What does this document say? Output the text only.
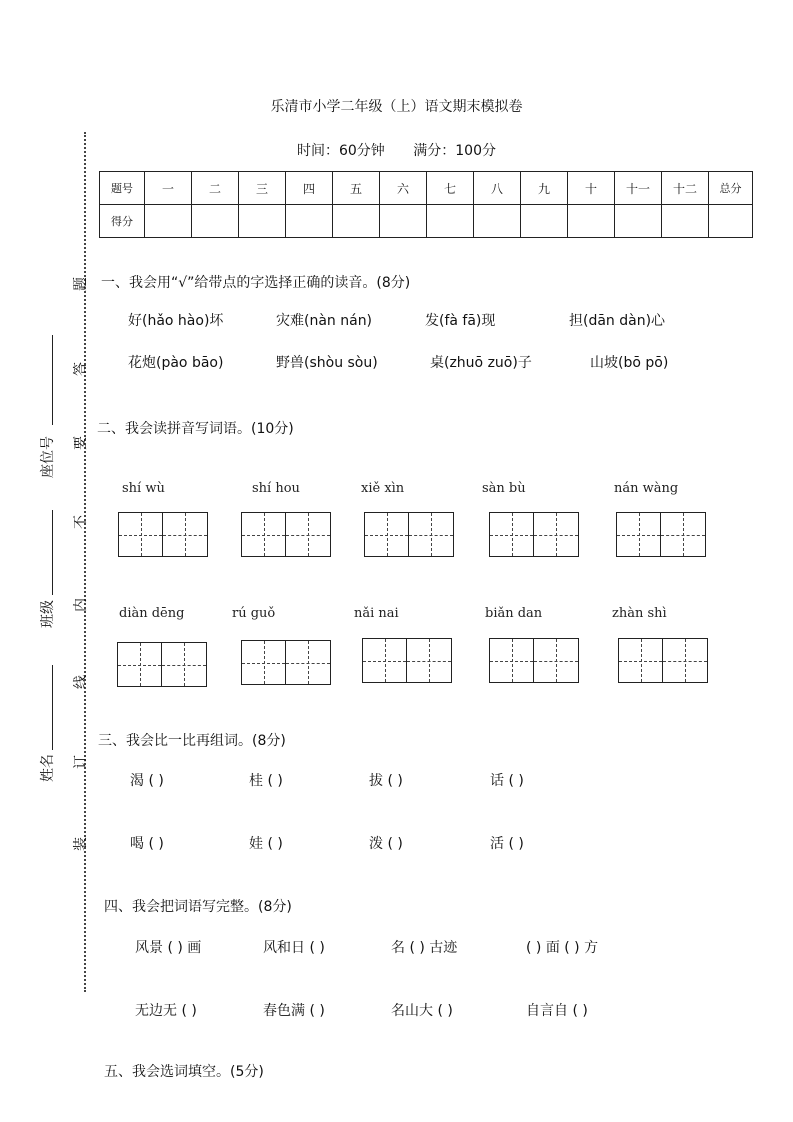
乐清市小学二年级（上）语文期末模拟卷
时间：60分钟 满分：100分
题号	一	二	三	四	五	六	七	八	九	十	十一	十二	总分
得分													
题
答
要
不
内
线
订
装
座位号
班级
姓名
一、我会用“√”给带点的字选择正确的读音。(8分)
好(hǎo hào)坏	灾难(nàn nán)	发(fà fā)现	担(dān dàn)心
花炮(pào bāo)	野兽(shòu sòu)	桌(zhuō zuō)子	山坡(bō pō)
二、我会读拼音写词语。(10分)
shí wù	shí hou	xiě xìn	sàn bù	nán wàng
diàn dēng	rú guǒ	nǎi nai	biǎn dan	zhàn shì
三、我会比一比再组词。(8分)
渴 ( )	桂 ( )	拔 ( )	话 ( )
喝 ( )	娃 ( )	泼 ( )	活 ( )
四、我会把词语写完整。(8分)
风景 ( ) 画	风和日 ( )	名 ( ) 古迹	( ) 面 ( ) 方
无边无 ( )	春色满 ( )	名山大 ( )	自言自 ( )
五、我会选词填空。(5分)
